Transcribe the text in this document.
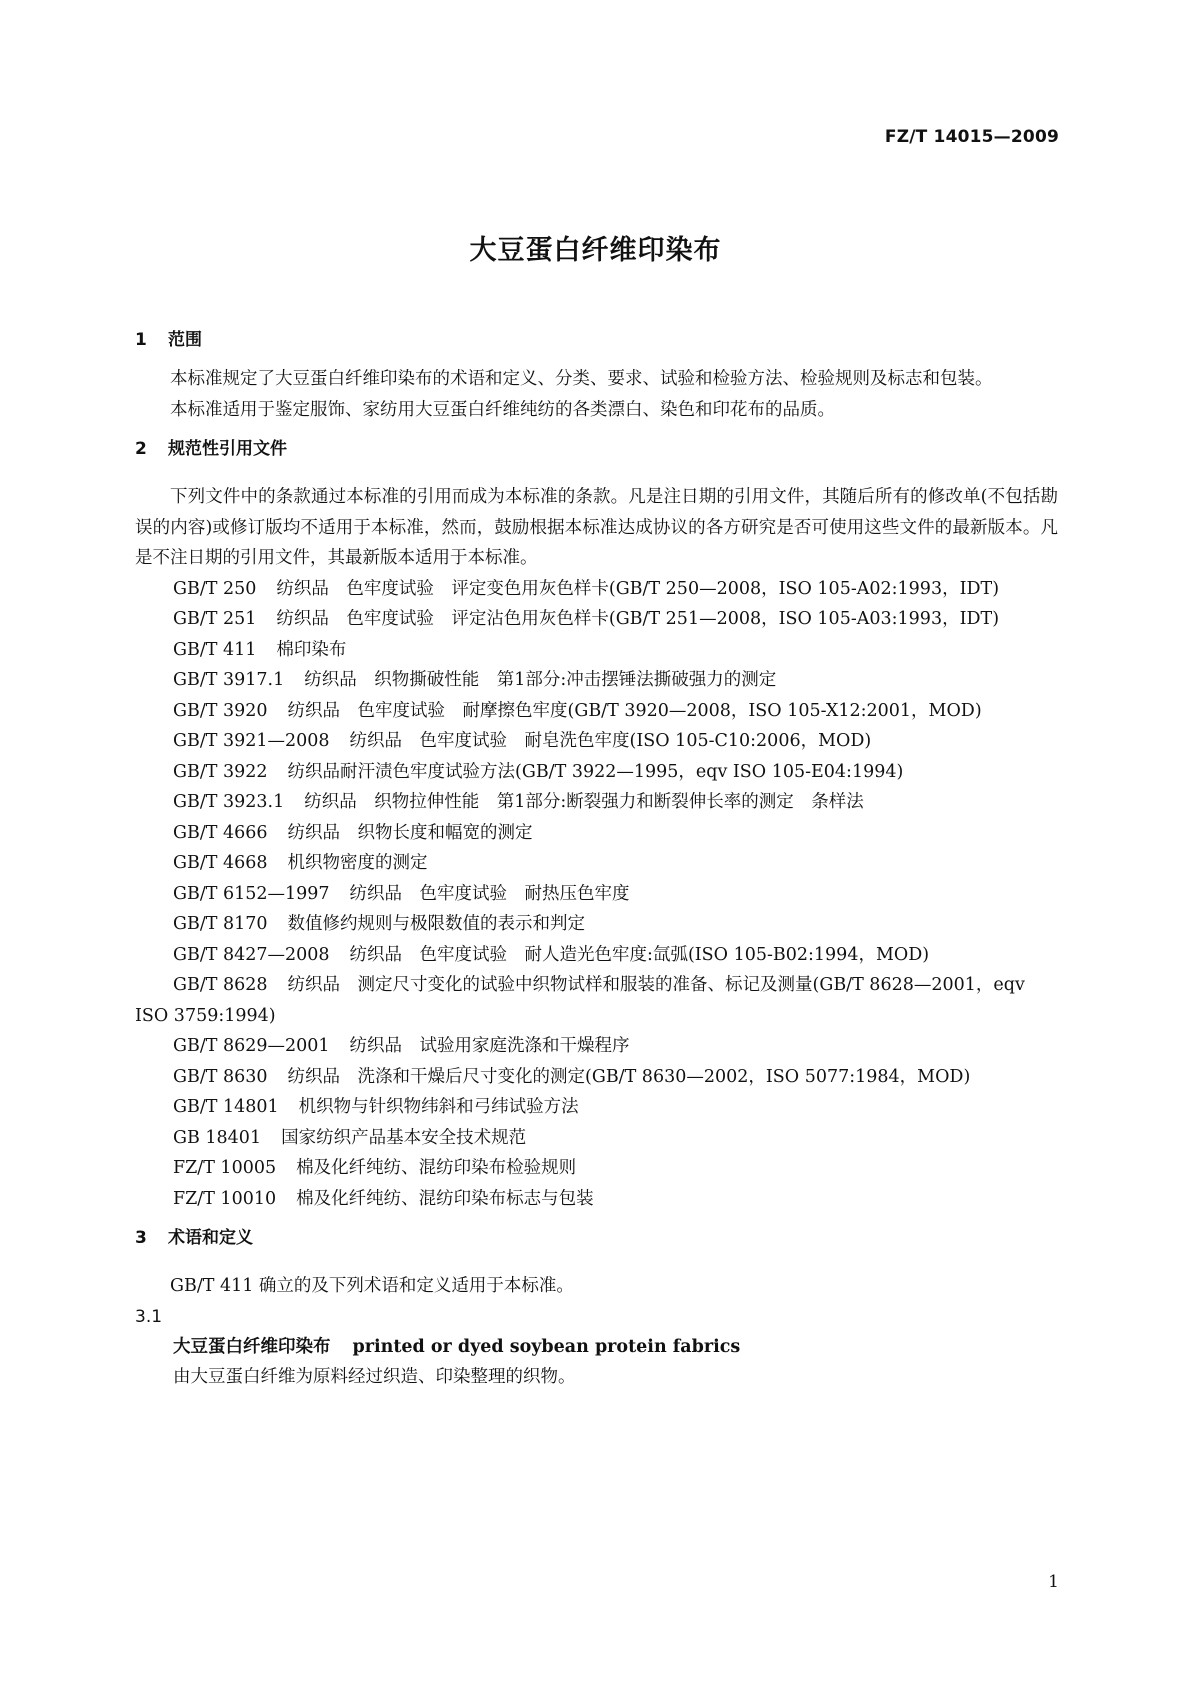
FZ/T 14015—2009
大豆蛋白纤维印染布
1 范围
本标准规定了大豆蛋白纤维印染布的术语和定义、分类、要求、试验和检验方法、检验规则及标志和包装。
本标准适用于鉴定服饰、家纺用大豆蛋白纤维纯纺的各类漂白、染色和印花布的品质。
2 规范性引用文件
下列文件中的条款通过本标准的引用而成为本标准的条款。凡是注日期的引用文件，其随后所有的修改单(不包括勘误的内容)或修订版均不适用于本标准，然而，鼓励根据本标准达成协议的各方研究是否可使用这些文件的最新版本。凡是不注日期的引用文件，其最新版本适用于本标准。
GB/T 250 纺织品　色牢度试验　评定变色用灰色样卡(GB/T 250—2008，ISO 105-A02:1993，IDT)
GB/T 251 纺织品　色牢度试验　评定沾色用灰色样卡(GB/T 251—2008，ISO 105-A03:1993，IDT)
GB/T 411 棉印染布
GB/T 3917.1 纺织品　织物撕破性能　第1部分:冲击摆锤法撕破强力的测定
GB/T 3920 纺织品　色牢度试验　耐摩擦色牢度(GB/T 3920—2008，ISO 105-X12:2001，MOD)
GB/T 3921—2008 纺织品　色牢度试验　耐皂洗色牢度(ISO 105-C10:2006，MOD)
GB/T 3922 纺织品耐汗渍色牢度试验方法(GB/T 3922—1995，eqv ISO 105-E04:1994)
GB/T 3923.1 纺织品　织物拉伸性能　第1部分:断裂强力和断裂伸长率的测定　条样法
GB/T 4666 纺织品　织物长度和幅宽的测定
GB/T 4668 机织物密度的测定
GB/T 6152—1997 纺织品　色牢度试验　耐热压色牢度
GB/T 8170 数值修约规则与极限数值的表示和判定
GB/T 8427—2008 纺织品　色牢度试验　耐人造光色牢度:氙弧(ISO 105-B02:1994，MOD)
GB/T 8628 纺织品　测定尺寸变化的试验中织物试样和服装的准备、标记及测量(GB/T 8628—2001，eqv ISO 3759:1994)
GB/T 8629—2001 纺织品　试验用家庭洗涤和干燥程序
GB/T 8630 纺织品　洗涤和干燥后尺寸变化的测定(GB/T 8630—2002，ISO 5077:1984，MOD)
GB/T 14801 机织物与针织物纬斜和弓纬试验方法
GB 18401 国家纺织产品基本安全技术规范
FZ/T 10005 棉及化纤纯纺、混纺印染布检验规则
FZ/T 10010 棉及化纤纯纺、混纺印染布标志与包装
3 术语和定义
GB/T 411 确立的及下列术语和定义适用于本标准。
3.1
大豆蛋白纤维印染布 printed or dyed soybean protein fabrics
由大豆蛋白纤维为原料经过织造、印染整理的织物。
1
